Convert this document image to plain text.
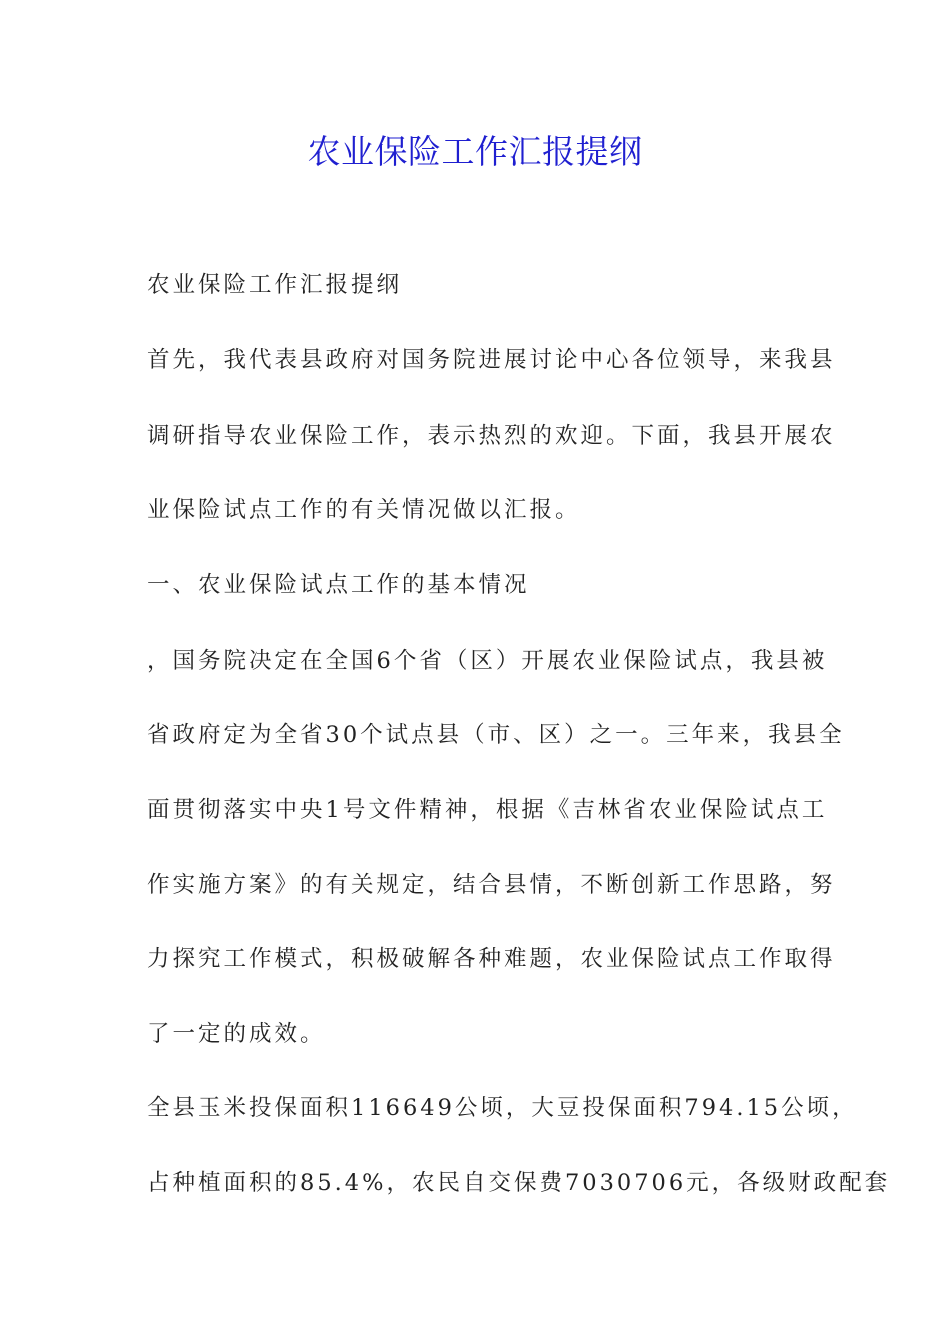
农业保险工作汇报提纲
农业保险工作汇报提纲
首先，我代表县政府对国务院进展讨论中心各位领导，来我县
调研指导农业保险工作，表示热烈的欢迎。下面，我县开展农
业保险试点工作的有关情况做以汇报。
一、农业保险试点工作的基本情况
，国务院决定在全国6个省（区）开展农业保险试点，我县被
省政府定为全省30个试点县（市、区）之一。三年来，我县全
面贯彻落实中央1号文件精神，根据《吉林省农业保险试点工
作实施方案》的有关规定，结合县情，不断创新工作思路，努
力探究工作模式，积极破解各种难题，农业保险试点工作取得
了一定的成效。
全县玉米投保面积116649公顷，大豆投保面积794.15公顷，
占种植面积的85.4%，农民自交保费7030706元，各级财政配套
